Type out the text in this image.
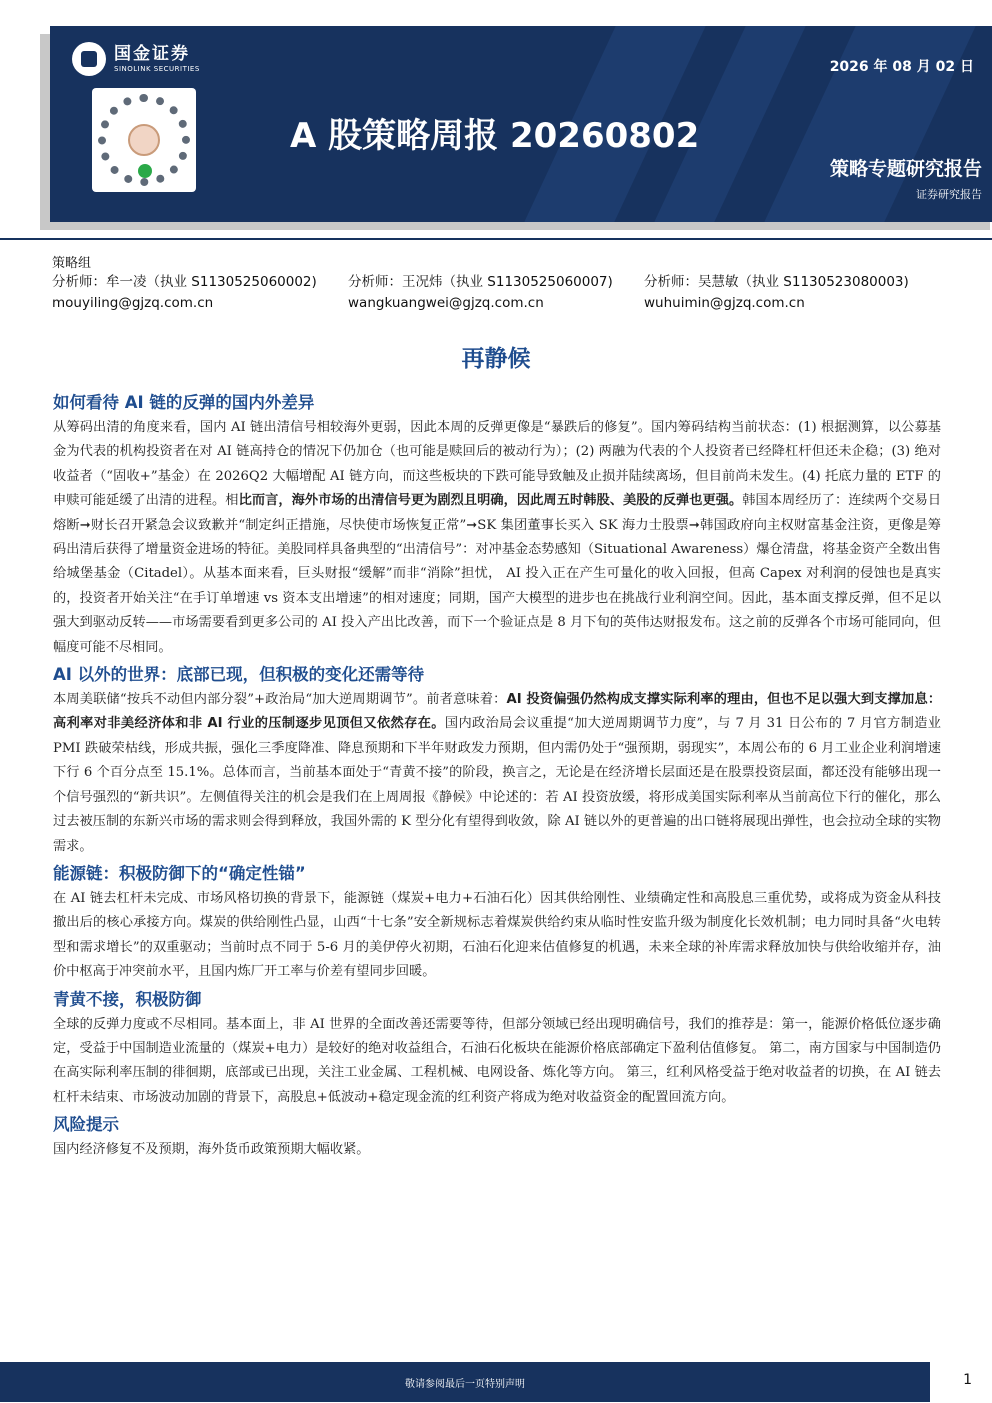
国金证券
SINOLINK SECURITIES	2026 年 08 月 02 日
A 股策略周报 20260802
策略专题研究报告
证券研究报告
策略组
分析师：牟一凌（执业 S1130525060002)
mouyiling@gjzq.com.cn
分析师：王况炜（执业 S1130525060007)
wangkuangwei@gjzq.com.cn
分析师：吴慧敏（执业 S1130523080003)
wuhuimin@gjzq.com.cn
再静候
如何看待 AI 链的反弹的国内外差异

从筹码出清的角度来看，国内 AI 链出清信号相较海外更弱，因此本周的反弹更像是“暴跌后的修复”。国内筹码结构当前状态：(1) 根据测算，以公募基金为代表的机构投资者在对 AI 链高持仓的情况下仍加仓（也可能是赎回后的被动行为）；(2) 两融为代表的个人投资者已经降杠杆但还未企稳；(3) 绝对收益者（“固收+”基金）在 2026Q2 大幅增配 AI 链方向，而这些板块的下跌可能导致触及止损并陆续离场，但目前尚未发生。(4) 托底力量的 ETF 的申赎可能延缓了出清的进程。相比而言，海外市场的出清信号更为剧烈且明确，因此周五时韩股、美股的反弹也更强。韩国本周经历了：连续两个交易日熔断➞财长召开紧急会议致歉并“制定纠正措施，尽快使市场恢复正常”➞SK 集团董事长买入 SK 海力士股票➞韩国政府向主权财富基金注资，更像是筹码出清后获得了增量资金进场的特征。美股同样具备典型的“出清信号”：对冲基金态势感知（Situational Awareness）爆仓清盘，将基金资产全数出售给城堡基金（Citadel）。从基本面来看，巨头财报“缓解”而非“消除”担忧， AI 投入正在产生可量化的收入回报，但高 Capex 对利润的侵蚀也是真实的，投资者开始关注“在手订单增速 vs 资本支出增速”的相对速度；同期，国产大模型的进步也在挑战行业利润空间。因此，基本面支撑反弹，但不足以强大到驱动反转——市场需要看到更多公司的 AI 投入产出比改善，而下一个验证点是 8 月下旬的英伟达财报发布。这之前的反弹各个市场可能同向，但幅度可能不尽相同。

AI 以外的世界：底部已现，但积极的变化还需等待

本周美联储“按兵不动但内部分裂”+政治局“加大逆周期调节”。前者意味着：AI 投资偏强仍然构成支撑实际利率的理由，但也不足以强大到支撑加息：高利率对非美经济体和非 AI 行业的压制逐步见顶但又依然存在。国内政治局会议重提“加大逆周期调节力度”，与 7 月 31 日公布的 7 月官方制造业 PMI 跌破荣枯线，形成共振，强化三季度降准、降息预期和下半年财政发力预期，但内需仍处于“强预期，弱现实”，本周公布的 6 月工业企业利润增速下行 6 个百分点至 15.1%。总体而言，当前基本面处于“青黄不接”的阶段，换言之，无论是在经济增长层面还是在股票投资层面，都还没有能够出现一个信号强烈的“新共识”。左侧值得关注的机会是我们在上周周报《静候》中论述的：若 AI 投资放缓，将形成美国实际利率从当前高位下行的催化，那么过去被压制的东新兴市场的需求则会得到释放，我国外需的 K 型分化有望得到收敛，除 AI 链以外的更普遍的出口链将展现出弹性，也会拉动全球的实物需求。

能源链：积极防御下的“确定性锚”

在 AI 链去杠杆未完成、市场风格切换的背景下，能源链（煤炭+电力+石油石化）因其供给刚性、业绩确定性和高股息三重优势，或将成为资金从科技撤出后的核心承接方向。煤炭的供给刚性凸显，山西“十七条”安全新规标志着煤炭供给约束从临时性安监升级为制度化长效机制；电力同时具备“火电转型和需求增长”的双重驱动；当前时点不同于 5-6 月的美伊停火初期，石油石化迎来估值修复的机遇，未来全球的补库需求释放加快与供给收缩并存，油价中枢高于冲突前水平，且国内炼厂开工率与价差有望同步回暖。

青黄不接，积极防御

全球的反弹力度或不尽相同。基本面上，非 AI 世界的全面改善还需要等待，但部分领域已经出现明确信号，我们的推荐是：第一，能源价格低位逐步确定，受益于中国制造业流量的（煤炭+电力）是较好的绝对收益组合，石油石化板块在能源价格底部确定下盈利估值修复。 第二，南方国家与中国制造仍在高实际利率压制的徘徊期，底部或已出现，关注工业金属、工程机械、电网设备、炼化等方向。 第三，红利风格受益于绝对收益者的切换，在 AI 链去杠杆未结束、市场波动加剧的背景下，高股息+低波动+稳定现金流的红利资产将成为绝对收益资金的配置回流方向。

风险提示

国内经济修复不及预期，海外货币政策预期大幅收紧。

敬请参阅最后一页特别声明	1
